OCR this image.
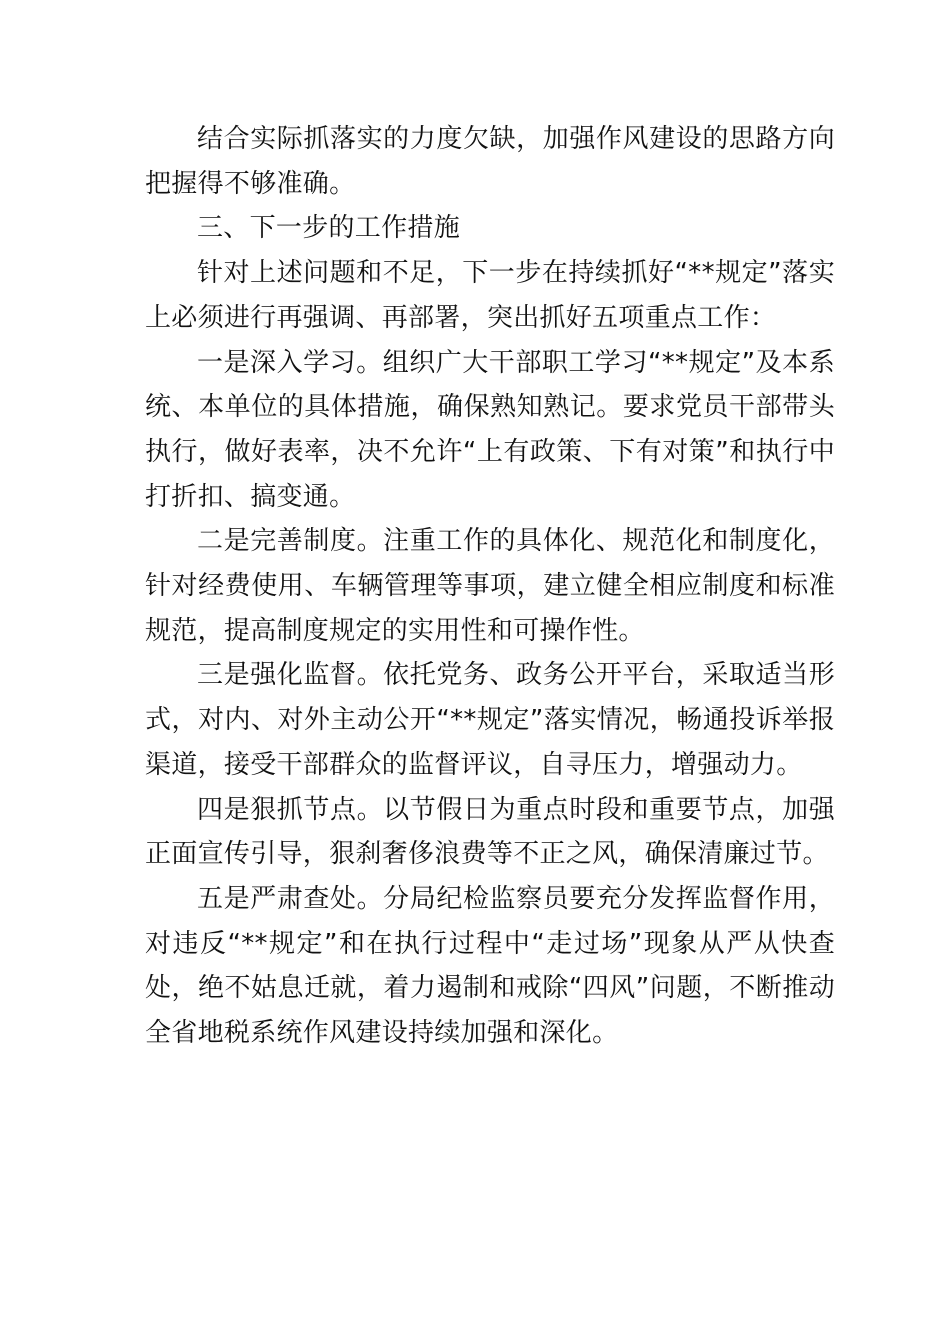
结合实际抓落实的力度欠缺，加强作风建设的思路方向把握得不够准确。

三、下一步的工作措施

针对上述问题和不足，下一步在持续抓好“**规定”落实上必须进行再强调、再部署，突出抓好五项重点工作：

一是深入学习。组织广大干部职工学习“**规定”及本系统、本单位的具体措施，确保熟知熟记。要求党员干部带头执行，做好表率，决不允许“上有政策、下有对策”和执行中打折扣、搞变通。

二是完善制度。注重工作的具体化、规范化和制度化，针对经费使用、车辆管理等事项，建立健全相应制度和标准规范，提高制度规定的实用性和可操作性。

三是强化监督。依托党务、政务公开平台，采取适当形式，对内、对外主动公开“**规定”落实情况，畅通投诉举报渠道，接受干部群众的监督评议，自寻压力，增强动力。

四是狠抓节点。以节假日为重点时段和重要节点，加强正面宣传引导，狠刹奢侈浪费等不正之风，确保清廉过节。

五是严肃查处。分局纪检监察员要充分发挥监督作用，对违反“**规定”和在执行过程中“走过场”现象从严从快查处，绝不姑息迁就，着力遏制和戒除“四风”问题，不断推动全省地税系统作风建设持续加强和深化。
